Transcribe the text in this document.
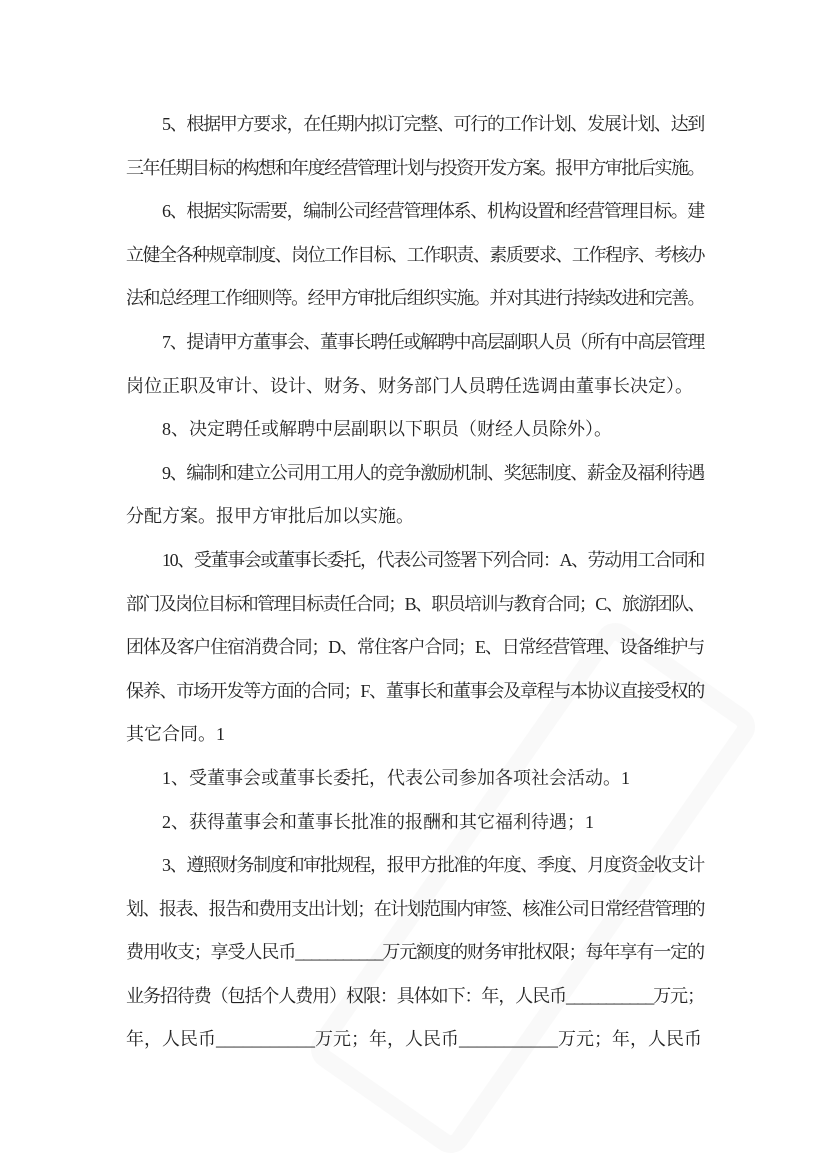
5、根据甲方要求，在任期内拟订完整、可行的工作计划、发展计划、达到
三年任期目标的构想和年度经营管理计划与投资开发方案。报甲方审批后实施。
6、根据实际需要，编制公司经营管理体系、机构设置和经营管理目标。建
立健全各种规章制度、岗位工作目标、工作职责、素质要求、工作程序、考核办
法和总经理工作细则等。经甲方审批后组织实施。并对其进行持续改进和完善。
7、提请甲方董事会、董事长聘任或解聘中高层副职人员（所有中高层管理
岗位正职及审计、设计、财务、财务部门人员聘任选调由董事长决定）。
8、决定聘任或解聘中层副职以下职员（财经人员除外）。
9、编制和建立公司用工用人的竞争激励机制、奖惩制度、薪金及福利待遇
分配方案。报甲方审批后加以实施。
10、受董事会或董事长委托，代表公司签署下列合同：A、劳动用工合同和
部门及岗位目标和管理目标责任合同；B、职员培训与教育合同；C、旅游团队、
团体及客户住宿消费合同；D、常住客户合同；E、日常经营管理、设备维护与
保养、市场开发等方面的合同；F、董事长和董事会及章程与本协议直接受权的
其它合同。1
1、受董事会或董事长委托，代表公司参加各项社会活动。1
2、获得董事会和董事长批准的报酬和其它福利待遇；1
3、遵照财务制度和审批规程，报甲方批准的年度、季度、月度资金收支计
划、报表、报告和费用支出计划；在计划范围内审签、核准公司日常经营管理的
费用收支；享受人民币___________万元额度的财务审批权限；每年享有一定的
业务招待费（包括个人费用）权限：具体如下：年，人民币___________万元；
年，人民币___________万元；年，人民币___________万元；年，人民币
